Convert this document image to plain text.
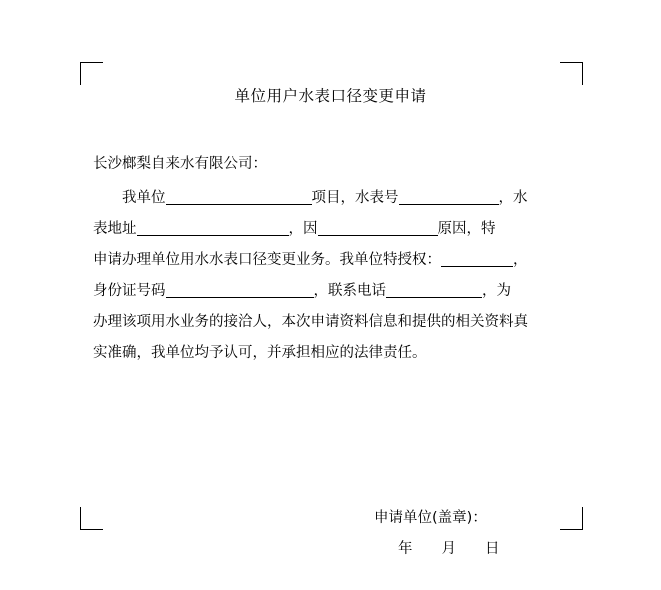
单位用户水表口径变更申请
长沙榔梨自来水有限公司：

我单位	项目，水表号	，水

表地址	，因	原因，特

申请办理单位用水水表口径变更业务。我单位特授权：	，

身份证号码	，联系电话	，为

办理该项用水业务的接洽人，本次申请资料信息和提供的相关资料真

实准确，我单位均予认可，并承担相应的法律责任。

申请单位(盖章)：
年 月 日
